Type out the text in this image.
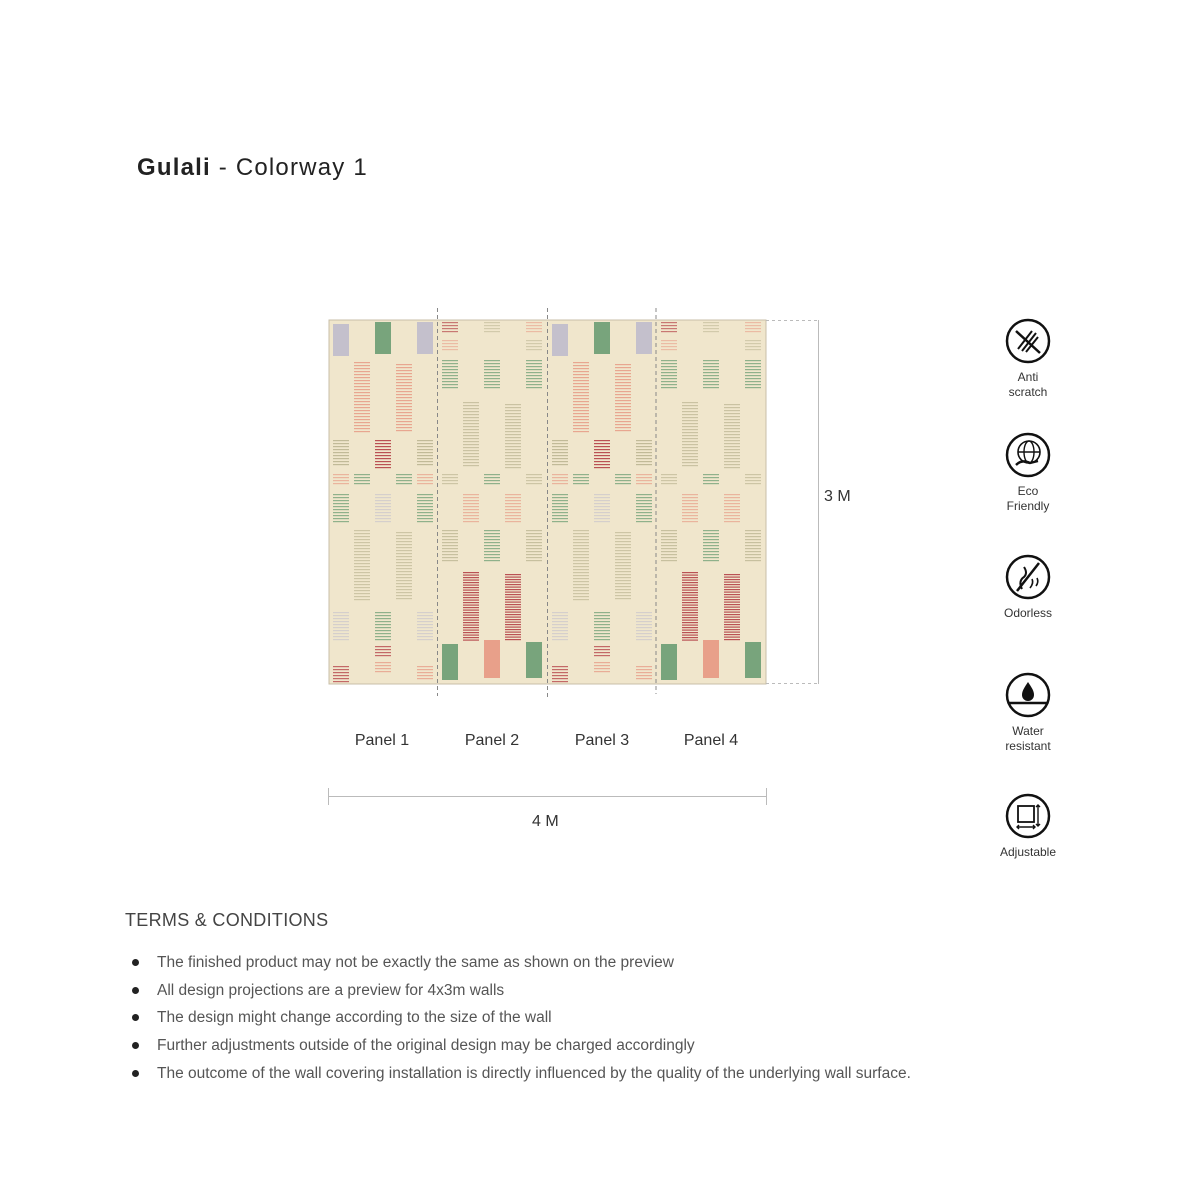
Gulali - Colorway 1
Panel 1	Panel 2	Panel 3	Panel 4
3 M
4 M
Anti
scratch
Eco
Friendly
Odorless
Water
resistant
Adjustable
TERMS & CONDITIONS
The finished product may not be exactly the same as shown on the preview
All design projections are a preview for 4x3m walls
The design might change according to the size of the wall
Further adjustments outside of the original design may be charged accordingly
The outcome of the wall covering installation is directly influenced by the quality of the underlying wall surface.
